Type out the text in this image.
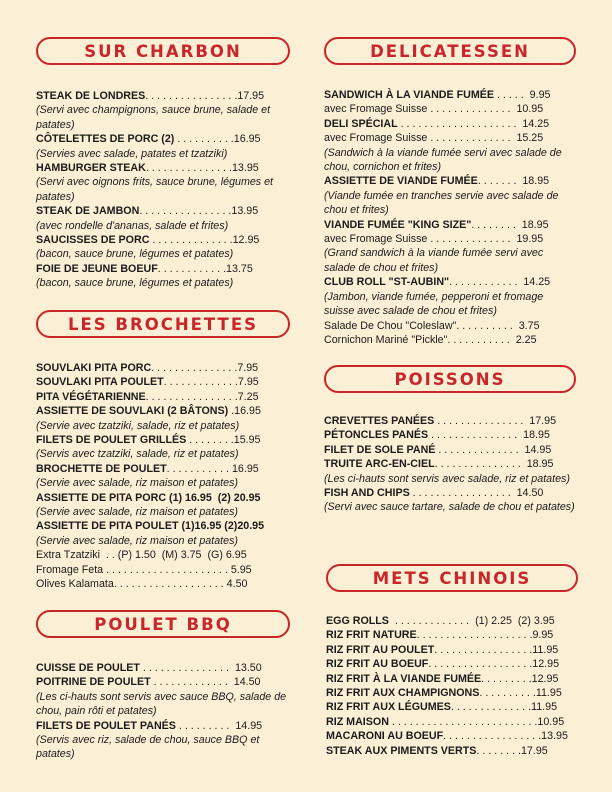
SUR CHARBON
STEAK DE LONDRES. . . . . . . . . . . . . . . .17.95
(Servi avec champignons, sauce brune, salade et patates)
CÔTELETTES DE PORC (2) . . . . . . . . . .16.95
(Servies avec salade, patates et tzatziki)
HAMBURGER STEAK. . . . . . . . . . . . . . .13.95
(Servi avec oignons frits, sauce brune, légumes et patates)
STEAK DE JAMBON. . . . . . . . . . . . . . . .13.95
(avec rondelle d'ananas, salade et frites)
SAUCISSES DE PORC . . . . . . . . . . . . . .12.95
(bacon, sauce brune, légumes et patates)
FOIE DE JEUNE BOEUF. . . . . . . . . . . .13.75
(bacon, sauce brune, légumes et patates)
LES BROCHETTES
SOUVLAKI PITA PORC. . . . . . . . . . . . . . .7.95
SOUVLAKI PITA POULET. . . . . . . . . . . . .7.95
PITA VÉGÉTARIENNE. . . . . . . . . . . . . . . .7.25
ASSIETTE DE SOUVLAKI (2 BÂTONS) .16.95
(Servie avec tzatziki, salade, riz et patates)
FILETS DE POULET GRILLÉS . . . . . . . .15.95
(Servis avec tzatziki, salade, riz et patates)
BROCHETTE DE POULET. . . . . . . . . . . 16.95
(Servie avec salade, riz maison et patates)
ASSIETTE DE PITA PORC (1) 16.95  (2) 20.95
(Servie avec salade, riz maison et patates)
ASSIETTE DE PITA POULET (1)16.95 (2)20.95
(Servie avec salade, riz maison et patates)
Extra Tzatziki  . . (P) 1.50  (M) 3.75  (G) 6.95
Fromage Feta . . . . . . . . . . . . . . . . . . . . . 5.95
Olives Kalamata. . . . . . . . . . . . . . . . . . . 4.50
POULET BBQ
CUISSE DE POULET . . . . . . . . . . . . . . .  13.50
POITRINE DE POULET . . . . . . . . . . . . .  14.50
(Les ci-hauts sont servis avec sauce BBQ, salade de chou, pain rôti et patates)
FILETS DE POULET PANÉS . . . . . . . . .  14.95
(Servis avec riz, salade de chou, sauce BBQ et patates)
DELICATESSEN
SANDWICH À LA VIANDE FUMÉE . . . . .  9.95
avec Fromage Suisse . . . . . . . . . . . . . .  10.95
DELI SPÉCIAL . . . . . . . . . . . . . . . . . . . .  14.25
avec Fromage Suisse . . . . . . . . . . . . . .  15.25
(Sandwich à la viande fumée servi avec salade de chou, cornichon et frites)
ASSIETTE DE VIANDE FUMÉE. . . . . . .  18.95
(Viande fumée en tranches servie avec salade de chou et frites)
VIANDE FUMÉE "KING SIZE". . . . . . . .  18.95
avec Fromage Suisse . . . . . . . . . . . . . .  19.95
(Grand sandwich à la viande fumée servi avec salade de chou et frites)
CLUB ROLL "ST-AUBIN". . . . . . . . . . . .  14.25
(Jambon, viande fumée, pepperoni et fromage suisse avec salade de chou et frites)
Salade De Chou "Coleslaw". . . . . . . . . .  3.75
Cornichon Mariné "Pickle". . . . . . . . . . .  2.25
POISSONS
CREVETTES PANÉES . . . . . . . . . . . . . . .  17.95
PÉTONCLES PANÉS . . . . . . . . . . . . . . .  18.95
FILET DE SOLE PANÉ . . . . . . . . . . . . . .  14.95
TRUITE ARC-EN-CIEL. . . . . . . . . . . . . . .  18.95
(Les ci-hauts sont servis avec salade, riz et patates)
FISH AND CHIPS . . . . . . . . . . . . . . . . .  14.50
(Servi avec sauce tartare, salade de chou et patates)
METS CHINOIS
EGG ROLLS  . . . . . . . . . . . . .  (1) 2.25  (2) 3.95
RIZ FRIT NATURE. . . . . . . . . . . . . . . . . . . .9.95
RIZ FRIT AU POULET. . . . . . . . . . . . . . . . .11.95
RIZ FRIT AU BOEUF. . . . . . . . . . . . . . . . . .12.95
RIZ FRIT À LA VIANDE FUMÉE. . . . . . . . .12.95
RIZ FRIT AUX CHAMPIGNONS. . . . . . . . . .11.95
RIZ FRIT AUX LÉGUMES. . . . . . . . . . . . . .11.95
RIZ MAISON . . . . . . . . . . . . . . . . . . . . . . . . .10.95
MACARONI AU BOEUF. . . . . . . . . . . . . . . . .13.95
STEAK AUX PIMENTS VERTS. . . . . . . .17.95
